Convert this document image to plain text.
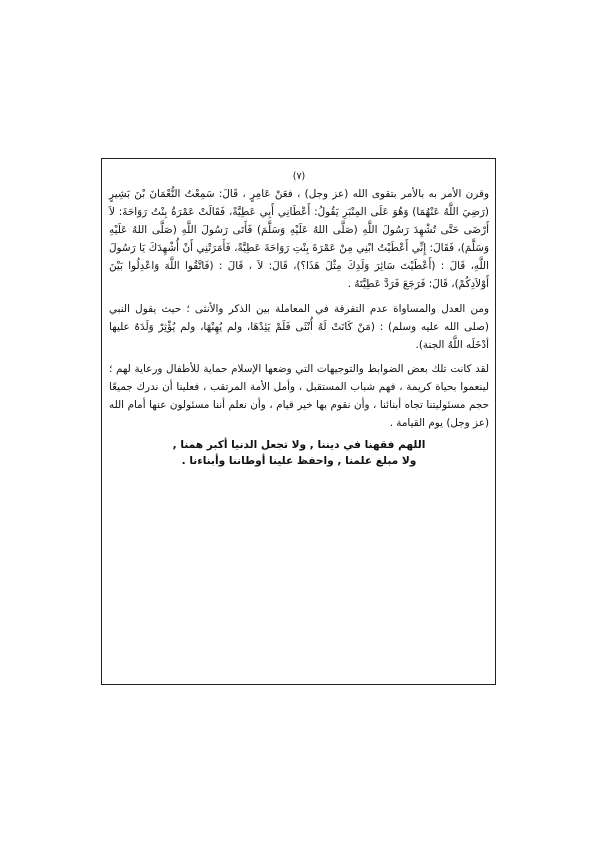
(٧)

وقرن الأمر به بالأمر بتقوى الله (عز وجل) ، فعَنْ عَامِرٍ ، قَالَ: سَمِعْتُ النُّعْمَانَ بْنَ بَشِيرٍ (رَضِيَ اللَّهُ عَنْهُمَا) وَهُوَ عَلَى المِنْبَرِ يَقُولُ: أَعْطَانِي أَبِي عَطِيَّةً، فَقَالَتْ عَمْرَةُ بِنْتُ رَوَاحَةَ: لاَ أَرْضَى حَتَّى تُشْهِدَ رَسُولَ اللَّهِ (صَلَّى اللهُ عَلَيْهِ وَسَلَّمَ) فَأَتَى رَسُولَ اللَّهِ (صَلَّى اللهُ عَلَيْهِ وَسَلَّمَ)، فَقَالَ: إِنِّي أَعْطَيْتُ ابْنِي مِنْ عَمْرَةَ بِنْتِ رَوَاحَةَ عَطِيَّةً، فَأَمَرَتْنِي أَنْ أُشْهِدَكَ يَا رَسُولَ اللَّهِ، قَالَ : (أَعْطَيْتَ سَائِرَ وَلَدِكَ مِثْلَ هَذَا؟)، قَالَ: لاَ ، قَالَ : (فَاتَّقُوا اللَّهَ وَاعْدِلُوا بَيْنَ أَوْلاَدِكُمْ)، قَالَ: فَرَجَعَ فَرَدَّ عَطِيَّتَهُ .

ومن العدل والمساواة عدم التفرقة في المعاملة بين الذكر والأنثى ؛ حيث يقول النبي (صلى الله عليه وسلم) : (مَنْ كَانَتْ لَهُ أُنْثَى فَلَمْ يَئِدْهَا، ولم يُهِنْهَا، ولم يُؤْثِرْ وَلَدَهُ عليها أدْخَلَه اللَّهُ الجنة).

لقد كانت تلك بعض الضوابط والتوجيهات التي وضعها الإسلام حماية للأطفال ورعاية لهم ؛ لينعموا بحياة كريمة ، فهم شباب المستقبل ، وأمل الأمة المرتقب ، فعلينا أن ندرك جميعًا حجم مسئوليتنا تجاه أبنائنا ، وأن نقوم بها خير قيام ، وأن نعلم أننا مسئولون عنها أمام الله (عز وجل) يوم القيامة .

اللهم فقهنا في ديننا , ولا تجعل الدنيا أكبر همنا ,
ولا مبلغ علمنا , واحفظ علينا أوطاننا وأبناءنا .
